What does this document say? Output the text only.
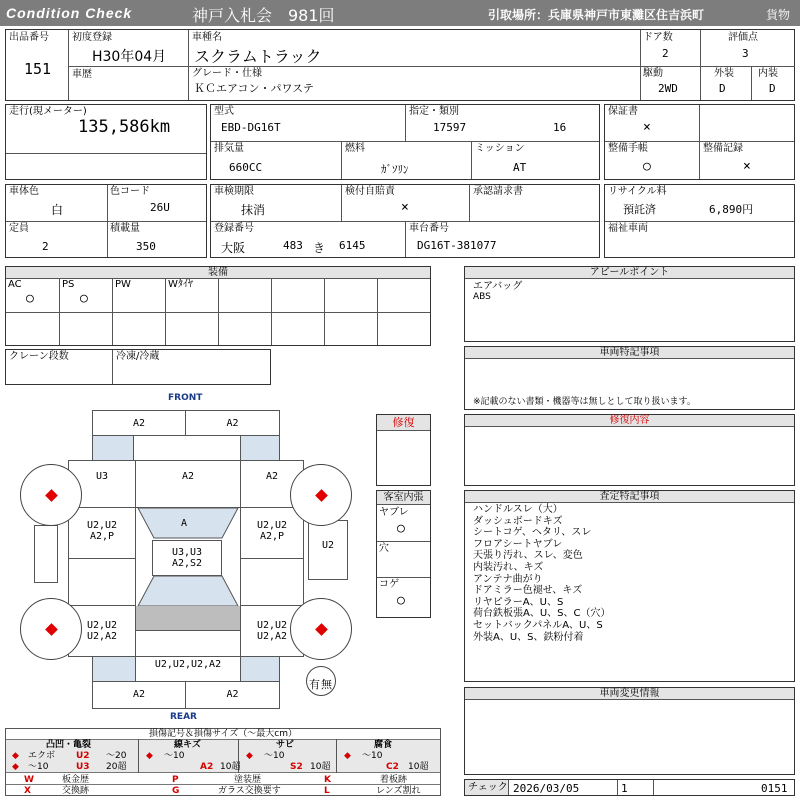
Condition Check	神戸入札会　981回	引取場所：兵庫県神戸市東灘区住吉浜町	貨物
出品番号
151
初度登録
H30年04月
車歴
車種名
スクラムトラック
グレード・仕様
ＫＣエアコン・パワステ
ドア数
2
駆動
2WD
評価点
3
外装
D
内装
D
走行(現メーター)
135,586km
型式
EBD-DG16T
指定・類別
17597	16
排気量
660CC
燃料
ｶﾞｿﾘﾝ
ミッション
AT
保証書
×
整備手帳
○
整備記録
×
車体色
白
色コード
26U
定員
2
積載量
350
車検期限
抹消
検付自賠責
×
承認請求書
登録番号
大阪	483 き 6145
車台番号
DG16T-381077
リサイクル料
預託済	6,890円
福祉車両
装備
AC
○
PS
○
PW	Wﾀｲﾔ
クレーン段数	冷凍/冷蔵
アピールポイント
エアバッグ
ABS
車両特記事項
※記載のない書類・機器等は無しとして取り扱います。
修復内容
査定特記事項
ハンドルスレ（大）
ダッシュボードキズ
シートコゲ、ヘタリ、スレ
フロアシートヤブレ
天張り汚れ、スレ、変色
内装汚れ、キズ
アンテナ曲がり
ドアミラー色褪せ、キズ
リヤピラーA、U、S
荷台鉄板張A、U、S、C（穴）
セットバックパネルA、U、S
外装A、U、S、鉄粉付着
車両変更情報
チェック 2026/03/05	1	0151
FRONT
REAR
A2	A2
U3	A2	A2
U2,U2
A2,P
U2,U2
A2,P
A
U3,U3
A2,S2
U2
U2,U2
U2,A2
U2,U2
U2,A2
U2,U2,U2,A2
A2	A2
有 無
修復
客室内張
ヤブレ
○
穴
コゲ
○
損傷記号＆損傷サイズ（〜最大cm）
凸凹・亀裂
◆ エクボ U2 〜20
◆ 〜10	U3 20超
線キズ
◆ 〜10
A2 10超
サビ
◆ 〜10
S2 10超
腐食
◆ 〜10
C2 10超
W	板金歴	P	塗装歴	K	着板跡
X	交換跡	G	ガラス交換要す	L	レンズ割れ
